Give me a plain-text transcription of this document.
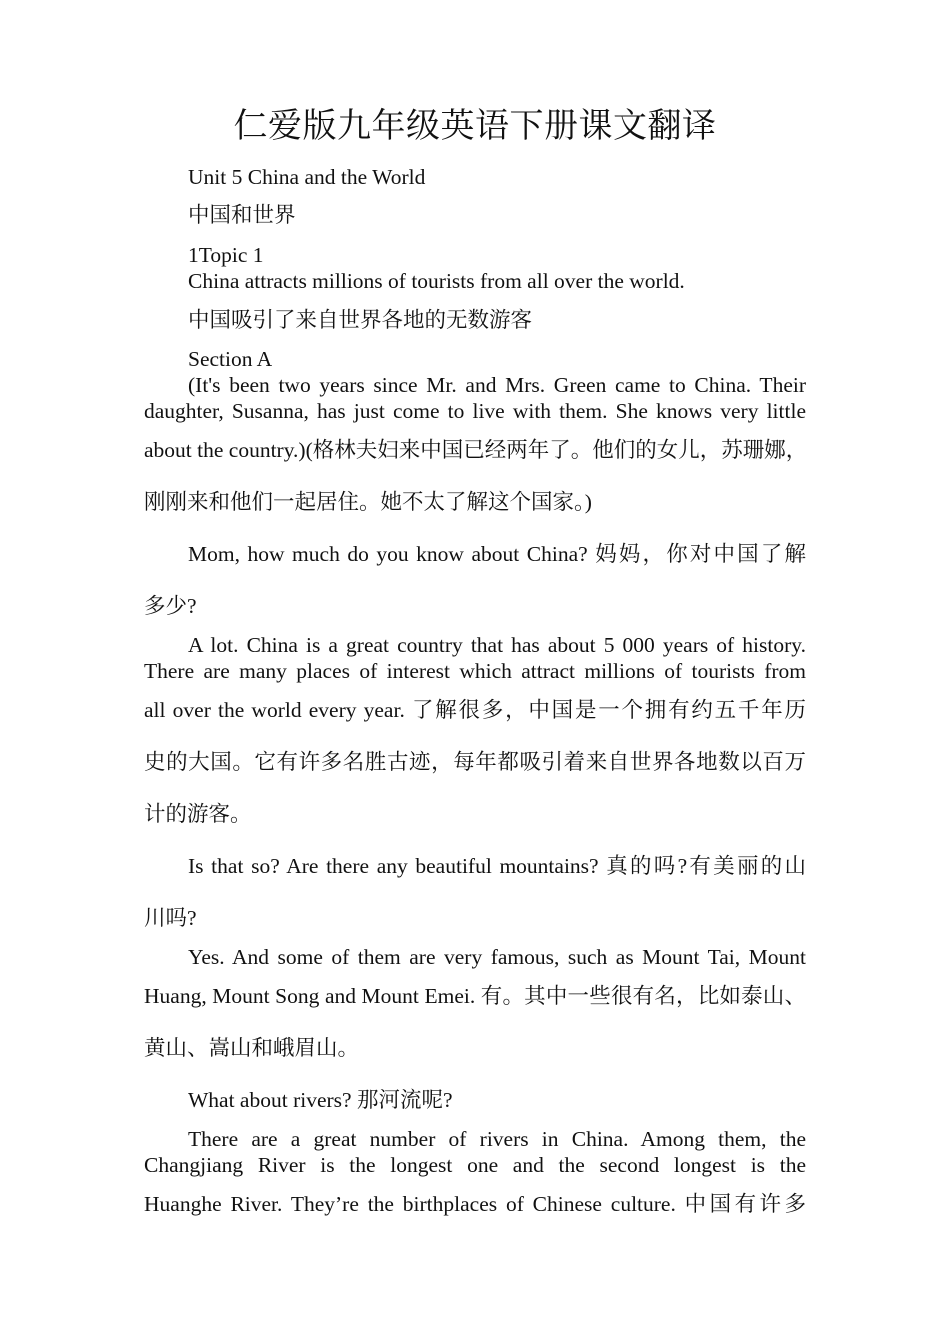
仁爱版九年级英语下册课文翻译
Unit 5 China and the World
中国和世界
1Topic 1
China attracts millions of tourists from all over the world.
中国吸引了来自世界各地的无数游客
Section A
(It's been two years since Mr. and Mrs. Green came to China. Their
daughter, Susanna, has just come to live with them. She knows very little
about the country.)(格林夫妇来中国已经两年了。他们的女儿，苏珊娜，
刚刚来和他们一起居住。她不太了解这个国家。)
Mom, how much do you know about China? 妈妈，你对中国了解
多少?
A lot. China is a great country that has about 5 000 years of history.
There are many places of interest which attract millions of tourists from
all over the world every year. 了解很多，中国是一个拥有约五千年历
史的大国。它有许多名胜古迹，每年都吸引着来自世界各地数以百万
计的游客。
Is that so? Are there any beautiful mountains? 真的吗?有美丽的山
川吗?
Yes. And some of them are very famous, such as Mount Tai, Mount
Huang, Mount Song and Mount Emei. 有。其中一些很有名，比如泰山、
黄山、嵩山和峨眉山。
What about rivers? 那河流呢?
There are a great number of rivers in China. Among them, the
Changjiang River is the longest one and the second longest is the
Huanghe River. They’re the birthplaces of Chinese culture. 中国有许多
